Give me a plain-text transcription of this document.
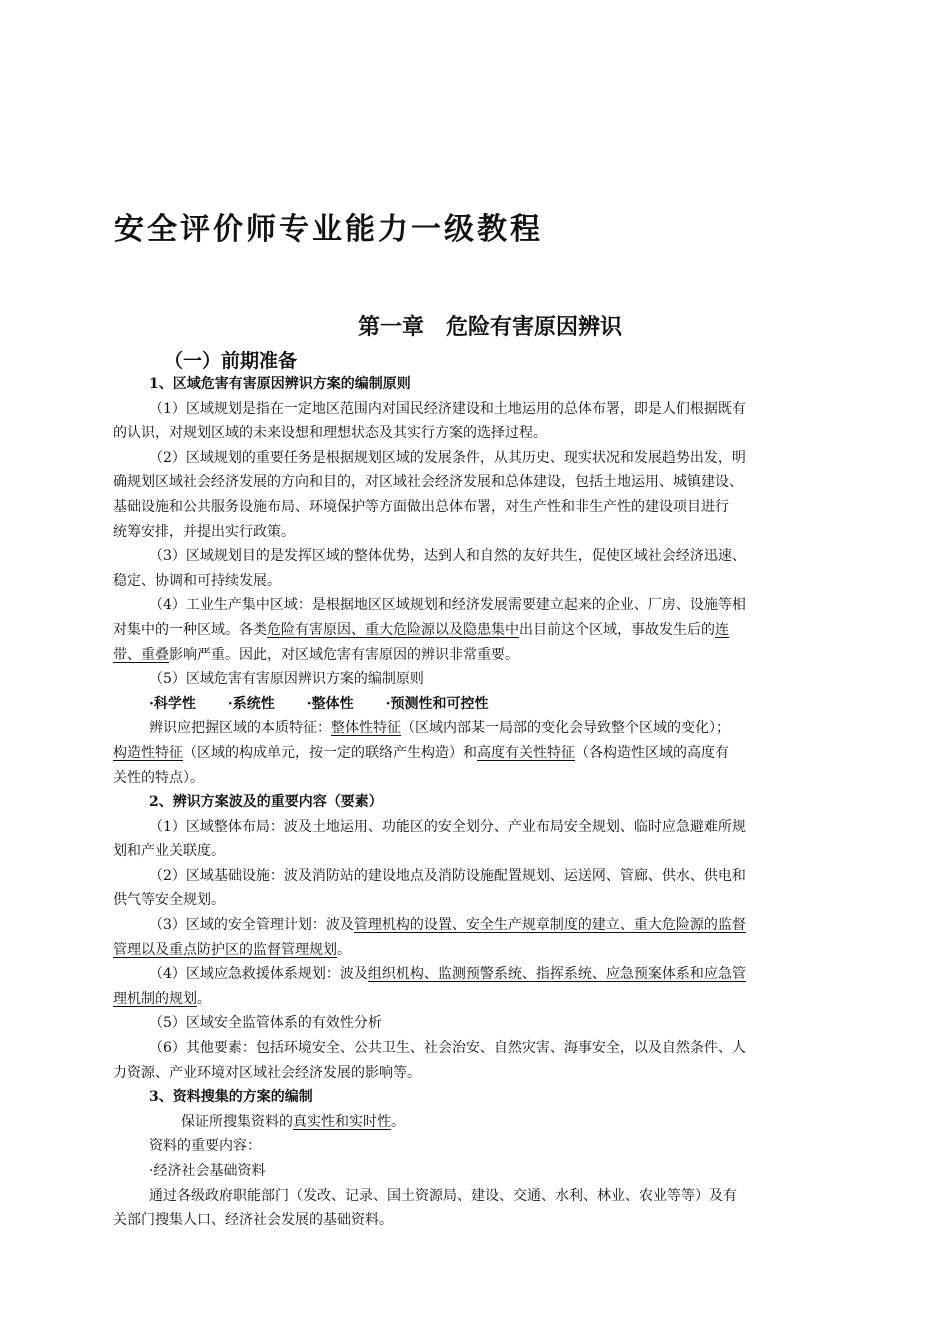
安全评价师专业能力一级教程
第一章　危险有害原因辨识
（一）前期准备

1、区域危害有害原因辨识方案的编制原则

（1）区域规划是指在一定地区范围内对国民经济建设和土地运用的总体布署，即是人们根据既有

的认识，对规划区域的未来设想和理想状态及其实行方案的选择过程。

（2）区域规划的重要任务是根据规划区域的发展条件，从其历史、现实状况和发展趋势出发，明

确规划区域社会经济发展的方向和目的，对区域社会经济发展和总体建设，包括土地运用、城镇建设、

基础设施和公共服务设施布局、环境保护等方面做出总体布署，对生产性和非生产性的建设项目进行

统筹安排，并提出实行政策。

（3）区域规划目的是发挥区域的整体优势，达到人和自然的友好共生，促使区域社会经济迅速、

稳定、协调和可持续发展。

（4）工业生产集中区域：是根据地区区域规划和经济发展需要建立起来的企业、厂房、设施等相

对集中的一种区域。各类危险有害原因、重大危险源以及隐患集中出目前这个区域，事故发生后的连

带、重叠影响严重。因此，对区域危害有害原因的辨识非常重要。

（5）区域危害有害原因辨识方案的编制原则

·科学性 ·系统性 ·整体性 ·预测性和可控性

辨识应把握区域的本质特征：整体性特征（区域内部某一局部的变化会导致整个区域的变化）；

构造性特征（区域的构成单元，按一定的联络产生构造）和高度有关性特征（各构造性区域的高度有

关性的特点）。

2、辨识方案波及的重要内容（要素）

（1）区域整体布局：波及土地运用、功能区的安全划分、产业布局安全规划、临时应急避难所规

划和产业关联度。

（2）区域基础设施：波及消防站的建设地点及消防设施配置规划、运送网、管廊、供水、供电和

供气等安全规划。

（3）区域的安全管理计划：波及管理机构的设置、安全生产规章制度的建立、重大危险源的监督

管理以及重点防护区的监督管理规划。

（4）区域应急救援体系规划：波及组织机构、监测预警系统、指挥系统、应急预案体系和应急管

理机制的规划。

（5）区域安全监管体系的有效性分析

（6）其他要素：包括环境安全、公共卫生、社会治安、自然灾害、海事安全，以及自然条件、人

力资源、产业环境对区域社会经济发展的影响等。

3、资料搜集的方案的编制

保证所搜集资料的真实性和实时性。

资料的重要内容：

·经济社会基础资料

通过各级政府职能部门（发改、记录、国土资源局、建设、交通、水利、林业、农业等等）及有

关部门搜集人口、经济社会发展的基础资料。
